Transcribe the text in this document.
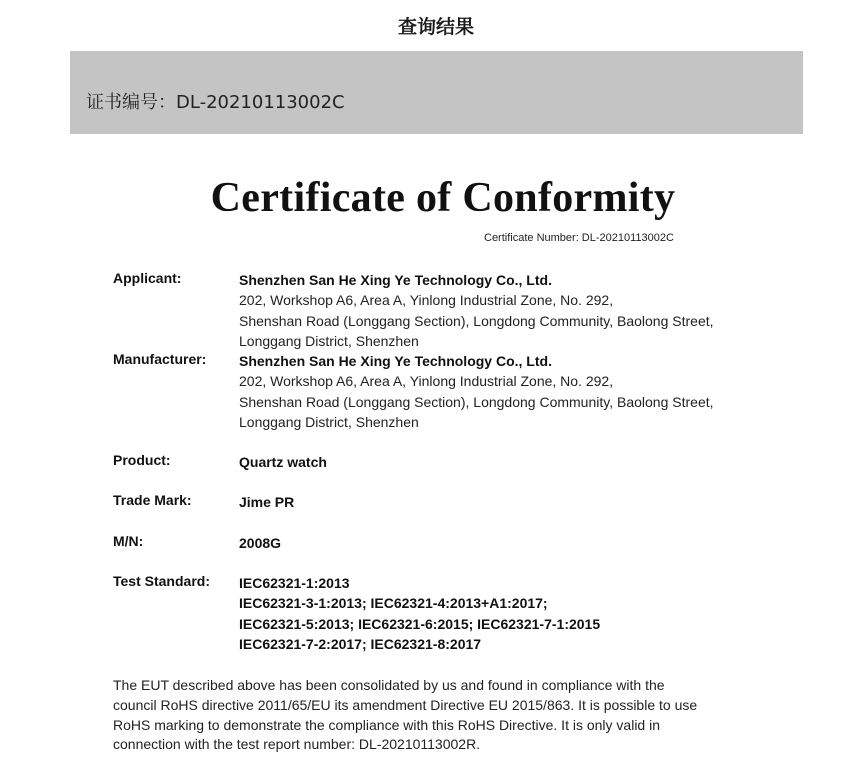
查询结果
证书编号：DL-20210113002C
Certificate of Conformity
Certificate Number: DL-20210113002C
Applicant:	Shenzhen San He Xing Ye Technology Co., Ltd.
202, Workshop A6, Area A, Yinlong Industrial Zone, No. 292,
Shenshan Road (Longgang Section), Longdong Community, Baolong Street,
Longgang District, Shenzhen
Manufacturer: Shenzhen San He Xing Ye Technology Co., Ltd.
202, Workshop A6, Area A, Yinlong Industrial Zone, No. 292,
Shenshan Road (Longgang Section), Longdong Community, Baolong Street,
Longgang District, Shenzhen
Product:	Quartz watch
Trade Mark:	Jime PR
M/N:	2008G
Test Standard: IEC62321-1:2013
IEC62321-3-1:2013; IEC62321-4:2013+A1:2017;
IEC62321-5:2013; IEC62321-6:2015; IEC62321-7-1:2015
IEC62321-7-2:2017; IEC62321-8:2017
The EUT described above has been consolidated by us and found in compliance with the
council RoHS directive 2011/65/EU its amendment Directive EU 2015/863. It is possible to use
RoHS marking to demonstrate the compliance with this RoHS Directive. It is only valid in
connection with the test report number: DL-20210113002R.
